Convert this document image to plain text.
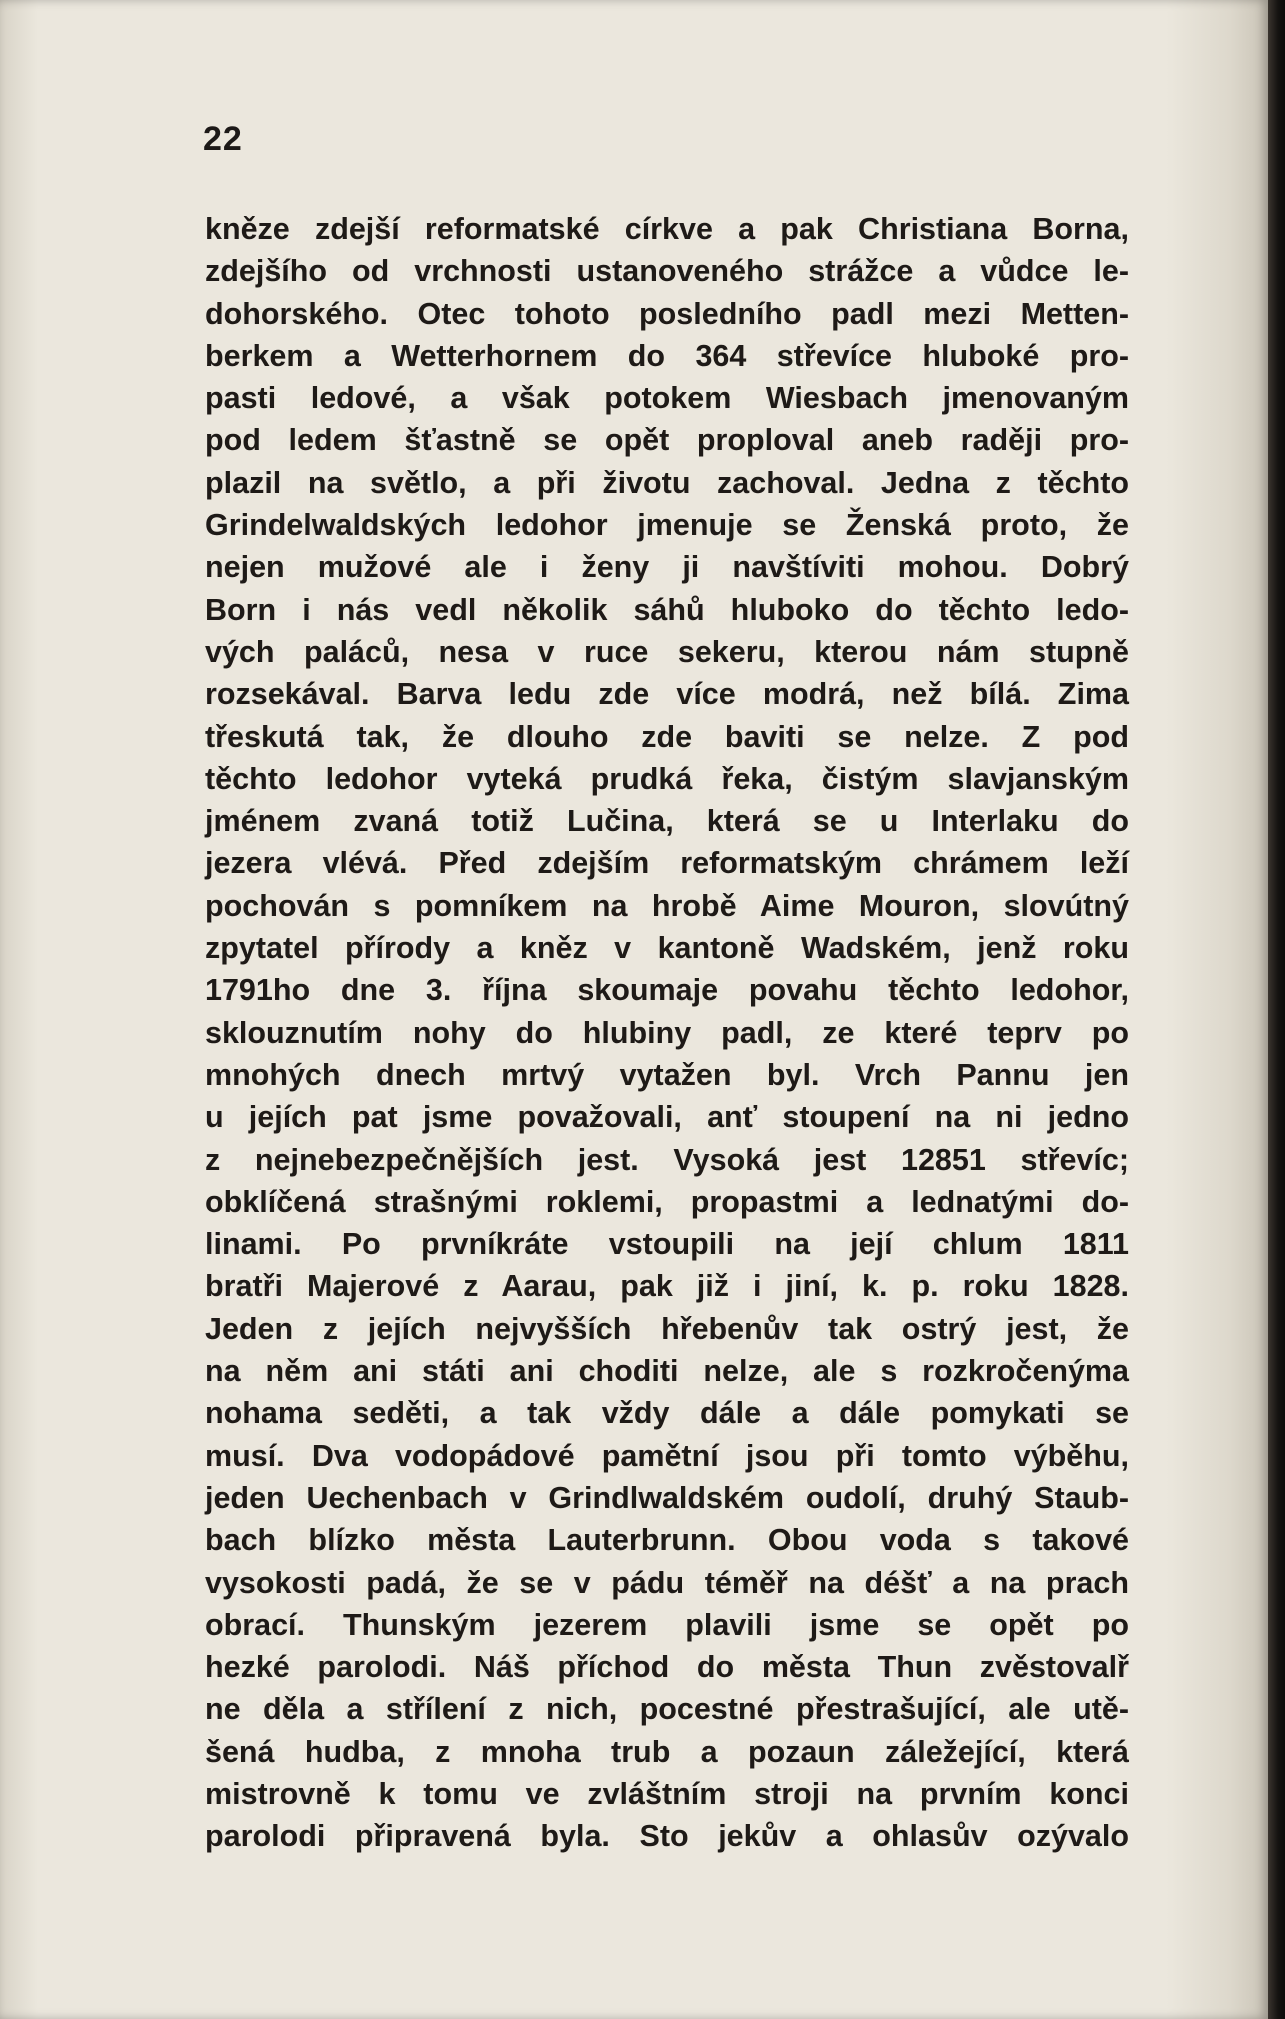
22
kněze zdejší reformatské církve a pak Christiana Borna,
zdejšího od vrchnosti ustanoveného strážce a vůdce le-
dohorského. Otec tohoto posledního padl mezi Metten-
berkem a Wetterhornem do 364 střevíce hluboké pro-
pasti ledové, a však potokem Wiesbach jmenovaným
pod ledem šťastně se opět proploval aneb raději pro-
plazil na světlo, a při životu zachoval. Jedna z těchto
Grindelwaldských ledohor jmenuje se Ženská proto, že
nejen mužové ale i ženy ji navštíviti mohou. Dobrý
Born i nás vedl několik sáhů hluboko do těchto ledo-
vých paláců, nesa v ruce sekeru, kterou nám stupně
rozsekával. Barva ledu zde více modrá, než bílá. Zima
třeskutá tak, že dlouho zde baviti se nelze. Z pod
těchto ledohor vyteká prudká řeka, čistým slavjanským
jménem zvaná totiž Lučina, která se u Interlaku do
jezera vlévá. Před zdejším reformatským chrámem leží
pochován s pomníkem na hrobě Aime Mouron, slovútný
zpytatel přírody a kněz v kantoně Wadském, jenž roku
1791ho dne 3. října skoumaje povahu těchto ledohor,
sklouznutím nohy do hlubiny padl, ze které teprv po
mnohých dnech mrtvý vytažen byl. Vrch Pannu jen
u jejích pat jsme považovali, anť stoupení na ni jedno
z nejnebezpečnějších jest. Vysoká jest 12851 střevíc;
obklíčená strašnými roklemi, propastmi a lednatými do-
linami. Po prvníkráte vstoupili na její chlum 1811
bratři Majerové z Aarau, pak již i jiní, k. p. roku 1828.
Jeden z jejích nejvyšších hřebenův tak ostrý jest, že
na něm ani státi ani choditi nelze, ale s rozkročenýma
nohama seděti, a tak vždy dále a dále pomykati se
musí. Dva vodopádové pamětní jsou při tomto výběhu,
jeden Uechenbach v Grindlwaldském oudolí, druhý Staub-
bach blízko města Lauterbrunn. Obou voda s takové
vysokosti padá, že se v pádu téměř na déšť a na prach
obrací. Thunským jezerem plavili jsme se opět po
hezké parolodi. Náš příchod do města Thun zvěstovalř
ne děla a střílení z nich, pocestné přestrašující, ale utě-
šená hudba, z mnoha trub a pozaun záležející, která
mistrovně k tomu ve zvláštním stroji na prvním konci
parolodi připravená byla. Sto jekův a ohlasův ozývalo
